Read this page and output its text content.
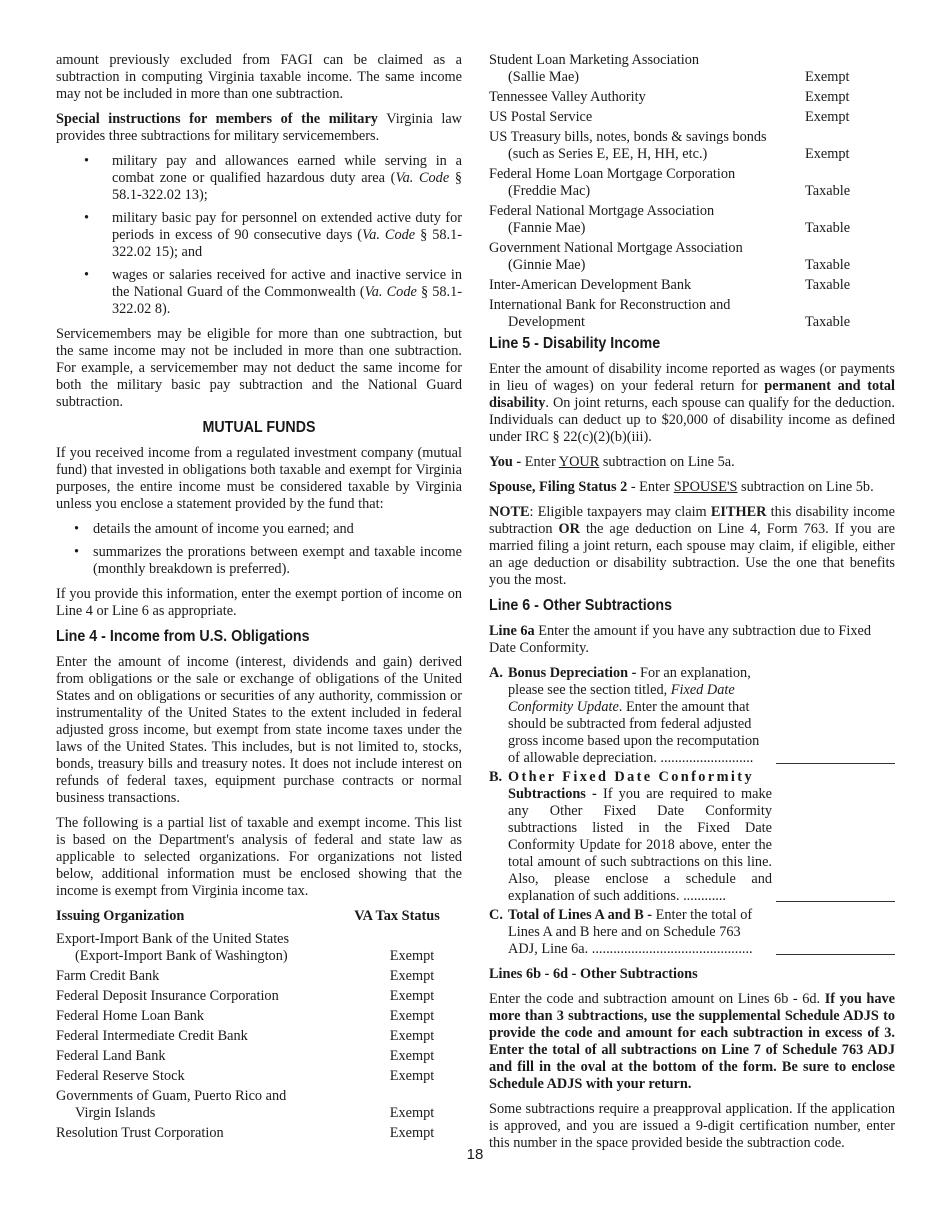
amount previously excluded from FAGI can be claimed as a subtraction in computing Virginia taxable income. The same income may not be included in more than one subtraction.

Special instructions for members of the military Virginia law provides three subtractions for military servicemembers.

• military pay and allowances earned while serving in a combat zone or qualified hazardous duty area (Va. Code § 58.1-322.02 13);
• military basic pay for personnel on extended active duty for periods in excess of 90 consecutive days (Va. Code § 58.1-322.02 15); and
• wages or salaries received for active and inactive service in the National Guard of the Commonwealth (Va. Code § 58.1-322.02 8).

Servicemembers may be eligible for more than one subtraction, but the same income may not be included in more than one subtraction. For example, a servicemember may not deduct the same income for both the military basic pay subtraction and the National Guard subtraction.

MUTUAL FUNDS

If you received income from a regulated investment company (mutual fund) that invested in obligations both taxable and exempt for Virginia purposes, the entire income must be considered taxable by Virginia unless you enclose a statement provided by the fund that:

• details the amount of income you earned; and
• summarizes the prorations between exempt and taxable income (monthly breakdown is preferred).

If you provide this information, enter the exempt portion of income on Line 4 or Line 6 as appropriate.

Line 4 - Income from U.S. Obligations

Enter the amount of income (interest, dividends and gain) derived from obligations or the sale or exchange of obligations of the United States and on obligations or securities of any authority, commission or instrumentality of the United States to the extent included in federal adjusted gross income, but exempt from state income taxes under the laws of the United States. This includes, but is not limited to, stocks, bonds, treasury bills and treasury notes. It does not include interest on refunds of federal taxes, equipment purchase contracts or normal business transactions.

The following is a partial list of taxable and exempt income. This list is based on the Department's analysis of federal and state law as applicable to selected organizations. For organizations not listed below, additional information must be enclosed showing that the income is exempt from Virginia income tax.

Issuing Organization	VA Tax Status
Export-Import Bank of the United States
(Export-Import Bank of Washington)	Exempt
Farm Credit Bank	Exempt
Federal Deposit Insurance Corporation	Exempt
Federal Home Loan Bank	Exempt
Federal Intermediate Credit Bank	Exempt
Federal Land Bank	Exempt
Federal Reserve Stock	Exempt
Governments of Guam, Puerto Rico and
Virgin Islands	Exempt
Resolution Trust Corporation	Exempt
Student Loan Marketing Association
(Sallie Mae)	Exempt
Tennessee Valley Authority	Exempt
US Postal Service	Exempt
US Treasury bills, notes, bonds & savings bonds
(such as Series E, EE, H, HH, etc.)	Exempt
Federal Home Loan Mortgage Corporation
(Freddie Mac)	Taxable
Federal National Mortgage Association
(Fannie Mae)	Taxable
Government National Mortgage Association
(Ginnie Mae)	Taxable
Inter-American Development Bank	Taxable
International Bank for Reconstruction and
Development	Taxable
Line 5 - Disability Income

Enter the amount of disability income reported as wages (or payments in lieu of wages) on your federal return for permanent and total disability. On joint returns, each spouse can qualify for the deduction. Individuals can deduct up to $20,000 of disability income as defined under IRC § 22(c)(2)(b)(iii).

You - Enter YOUR subtraction on Line 5a.

Spouse, Filing Status 2 - Enter SPOUSE'S subtraction on Line 5b.

NOTE: Eligible taxpayers may claim EITHER this disability income subtraction OR the age deduction on Line 4, Form 763. If you are married filing a joint return, each spouse may claim, if eligible, either an age deduction or disability subtraction. Use the one that benefits you the most.

Line 6 - Other Subtractions

Line 6a Enter the amount if you have any subtraction due to Fixed Date Conformity.

A. Bonus Depreciation - For an explanation, please see the section titled, Fixed Date Conformity Update. Enter the amount that should be subtracted from federal adjusted gross income based upon the recomputation of allowable depreciation. ..........................
B. Other Fixed Date Conformity
Subtractions - If you are required to make any Other Fixed Date Conformity subtractions listed in the Fixed Date Conformity Update for 2018 above, enter the total amount of such subtractions on this line. Also, please enclose a schedule and explanation of such additions. ............
C. Total of Lines A and B - Enter the total of Lines A and B here and on Schedule 763 ADJ, Line 6a. .............................................

Lines 6b - 6d - Other Subtractions

Enter the code and subtraction amount on Lines 6b - 6d. If you have more than 3 subtractions, use the supplemental Schedule ADJS to provide the code and amount for each subtraction in excess of 3. Enter the total of all subtractions on Line 7 of Schedule 763 ADJ and fill in the oval at the bottom of the form. Be sure to enclose Schedule ADJS with your return.

Some subtractions require a preapproval application. If the application is approved, and you are issued a 9-digit certification number, enter this number in the space provided beside the subtraction code.

18
